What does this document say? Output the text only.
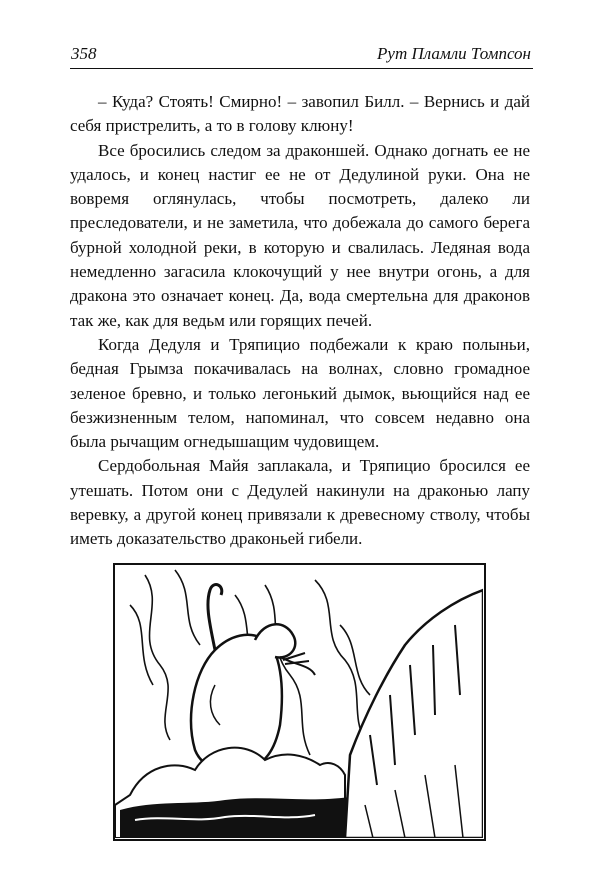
358	Рут Пламли Томпсон

– Куда? Стоять! Смирно! – завопил Билл. – Вернись и дай себя пристрелить, а то в голову клюну!

Все бросились следом за драконшей. Однако догнать ее не удалось, и конец настиг ее не от Дедулиной руки. Она не вовремя оглянулась, чтобы посмотреть, далеко ли преследователи, и не заметила, что добежала до самого берега бурной холодной реки, в которую и свалилась. Ледяная вода немедленно загасила клокочущий у нее внутри огонь, а для дракона это означает конец. Да, вода смертельна для драконов так же, как для ведьм или горящих печей.

Когда Дедуля и Тряпицио подбежали к краю полыньи, бедная Грымза покачивалась на волнах, словно громадное зеленое бревно, и только легонький дымок, вьющийся над ее безжизненным телом, напоминал, что совсем недавно она была рычащим огнедышащим чудовищем.

Сердобольная Майя заплакала, и Тряпицио бросился ее утешать. Потом они с Дедулей накинули на драконью лапу веревку, а другой конец привязали к древесному стволу, чтобы иметь доказательство драконьей гибели.
